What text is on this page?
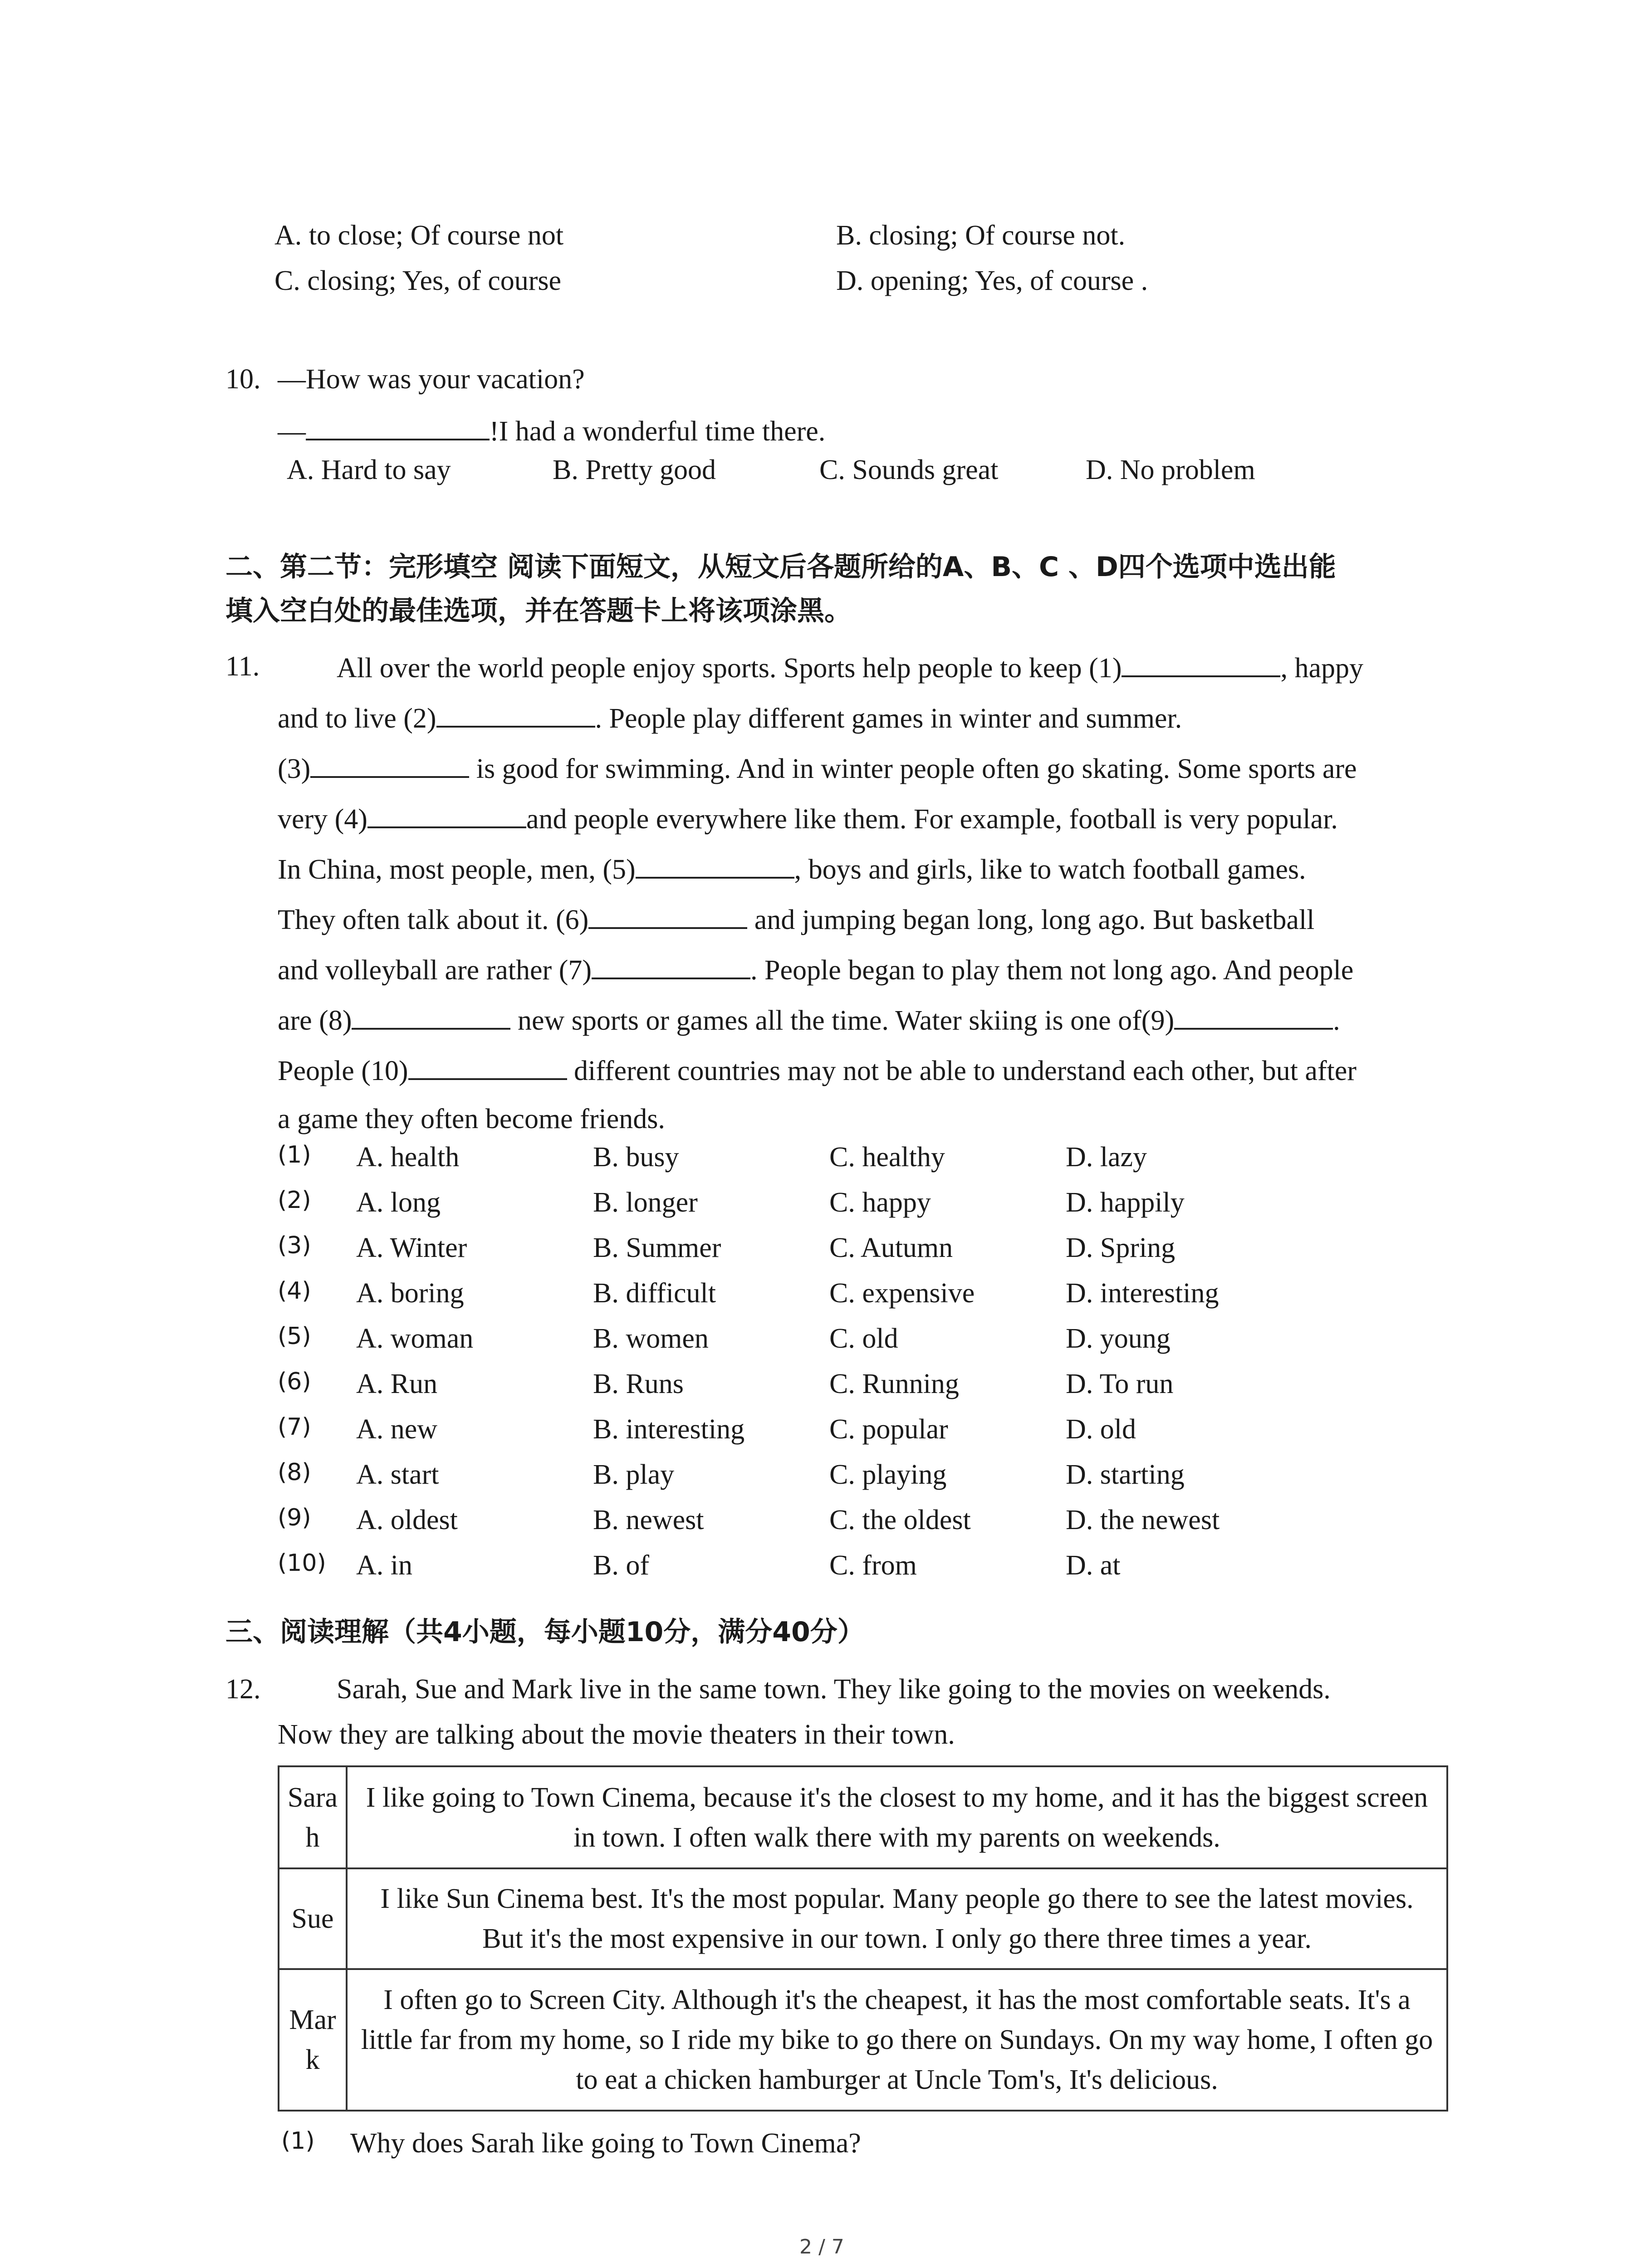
A. to close; Of course not	B. closing; Of course not.
C. closing; Yes, of course	D. opening; Yes, of course .
10. —How was your vacation?
—	!I had a wonderful time there.
A. Hard to say	B. Pretty good	C. Sounds great	D. No problem
二、第二节：完形填空 阅读下面短文，从短文后各题所给的A、B、C 、D四个选项中选出能
填入空白处的最佳选项，并在答题卡上将该项涂黑。
11.	All over the world people enjoy sports. Sports help people to keep (1)	, happy
and to live (2)	. People play different games in winter and summer.
(3)	is good for swimming. And in winter people often go skating. Some sports are
very (4)	and people everywhere like them. For example, football is very popular.
In China, most people, men, (5)	, boys and girls, like to watch football games.
They often talk about it. (6)	and jumping began long, long ago. But basketball
and volleyball are rather (7)	. People began to play them not long ago. And people
are (8)	new sports or games all the time. Water skiing is one of(9)	.
People (10)	different countries may not be able to understand each other, but after
a game they often become friends.
(1) A. health	B. busy	C. healthy	D. lazy
(2) A. long	B. longer	C. happy	D. happily
(3) A. Winter	B. Summer	C. Autumn	D. Spring
(4) A. boring	B. difficult	C. expensive	D. interesting
(5) A. woman	B. women	C. old	D. young
(6) A. Run	B. Runs	C. Running	D. To run
(7) A. new	B. interesting	C. popular	D. old
(8) A. start	B. play	C. playing	D. starting
(9) A. oldest	B. newest	C. the oldest	D. the newest
(10) A. in	B. of	C. from	D. at
三、阅读理解（共4小题，每小题10分，满分40分）
12.	Sarah, Sue and Mark live in the same town. They like going to the movies on weekends.
Now they are talking about the movie theaters in their town.
Sarah	I like going to Town Cinema, because it's the closest to my home, and it has the biggest screen in town. I often walk there with my parents on weekends.
Sue	I like Sun Cinema best. It's the most popular. Many people go there to see the latest movies. But it's the most expensive in our town. I only go there three times a year.
Mark	I often go to Screen City. Although it's the cheapest, it has the most comfortable seats. It's a little far from my home, so I ride my bike to go there on Sundays. On my way home, I often go to eat a chicken hamburger at Uncle Tom's, It's delicious.
(1) Why does Sarah like going to Town Cinema?
2 / 7
